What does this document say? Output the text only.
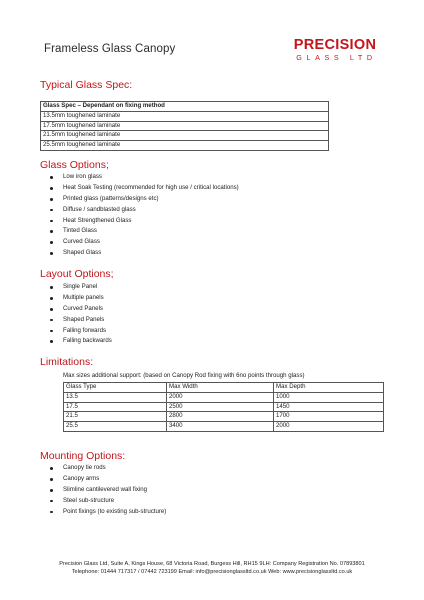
Frameless Glass Canopy	PRECISION
GLASS LTD
Typical Glass Spec:
Glass Spec – Dependant on fixing method
13.5mm toughened laminate
17.5mm toughened laminate
21.5mm toughened laminate
25.5mm toughened laminate
Glass Options;
Low iron glass
Heat Soak Testing (recommended for high use / critical locations)
Printed glass (patterns/designs etc)
Diffuse / sandblasted glass
Heat Strengthened Glass
Tinted Glass
Curved Glass
Shaped Glass
Layout Options;
Single Panel
Multiple panels
Curved Panels
Shaped Panels
Falling forwards
Falling backwards
Limitations:
Max sizes additional support: (based on Canopy Rod fixing with 6no points through glass)
Glass Type	Max Width	Max Depth
13.5	2000	1000
17.5	2500	1450
21.5	2800	1700
25.5	3400	2000
Mounting Options:
Canopy tie rods
Canopy arms
Slimline cantilevered wall fixing
Steel sub-structure
Point fixings (to existing sub-structure)
Precision Glass Ltd, Suite A, Kings House, 68 Victoria Road, Burgess Hill, RH15 9LH: Company Registration No. 07893801
Telephone: 01444 717317 / 07442 723199 Email: info@precisionglassltd.co.uk Web: www.precisionglassltd.co.uk
